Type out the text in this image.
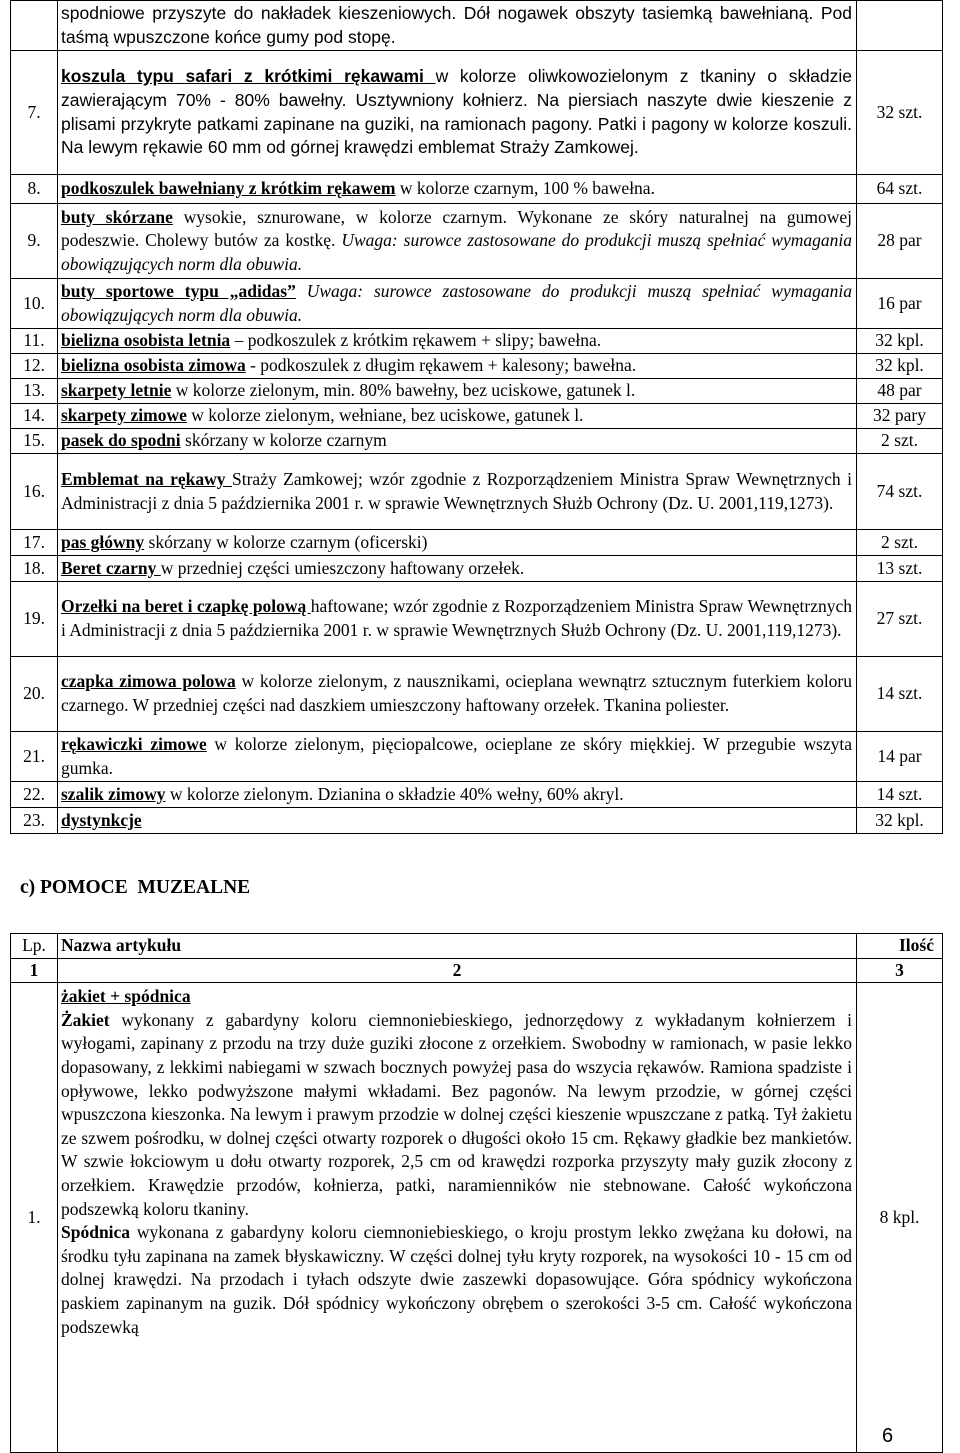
	spodniowe przyszyte do nakładek kieszeniowych. Dół nogawek obszyty tasiemką bawełnianą. Pod taśmą wpuszczone końce gumy pod stopę.	
7.	koszula typu safari z krótkimi rękawami w kolorze oliwkowozielonym z tkaniny o składzie zawierającym 70% - 80% bawełny. Usztywniony kołnierz. Na piersiach naszyte dwie kieszenie z plisami przykryte patkami zapinane na guziki, na ramionach pagony. Patki i pagony w kolorze koszuli. Na lewym rękawie 60 mm od górnej krawędzi emblemat Straży Zamkowej.	32 szt.
8.	podkoszulek bawełniany z krótkim rękawem w kolorze czarnym, 100 % bawełna.	64 szt.
9.	buty skórzane wysokie, sznurowane, w kolorze czarnym. Wykonane ze skóry naturalnej na gumowej podeszwie. Cholewy butów za kostkę. Uwaga: surowce zastosowane do produkcji muszą spełniać wymagania obowiązujących norm dla obuwia.	28 par
10.	buty sportowe typu „adidas” Uwaga: surowce zastosowane do produkcji muszą spełniać wymagania obowiązujących norm dla obuwia.	16 par
11.	bielizna osobista letnia – podkoszulek z krótkim rękawem + slipy; bawełna.	32 kpl.
12.	bielizna osobista zimowa - podkoszulek z długim rękawem + kalesony; bawełna.	32 kpl.
13.	skarpety letnie w kolorze zielonym, min. 80% bawełny, bez uciskowe, gatunek l.	48 par
14.	skarpety zimowe w kolorze zielonym, wełniane, bez uciskowe, gatunek l.	32 pary
15.	pasek do spodni skórzany w kolorze czarnym	2 szt.
16.	Emblemat na rękawy Straży Zamkowej; wzór zgodnie z Rozporządzeniem Ministra Spraw Wewnętrznych i Administracji z dnia 5 października 2001 r. w sprawie Wewnętrznych Służb Ochrony (Dz. U. 2001,119,1273).	74 szt.
17.	pas główny skórzany w kolorze czarnym (oficerski)	2 szt.
18.	Beret czarny w przedniej części umieszczony haftowany orzełek.	13 szt.
19.	Orzełki na beret i czapkę polową haftowane; wzór zgodnie z Rozporządzeniem Ministra Spraw Wewnętrznych i Administracji z dnia 5 października 2001 r. w sprawie Wewnętrznych Służb Ochrony (Dz. U. 2001,119,1273).	27 szt.
20.	czapka zimowa polowa w kolorze zielonym, z nausznikami, ocieplana wewnątrz sztucznym futerkiem koloru czarnego. W przedniej części nad daszkiem umieszczony haftowany orzełek. Tkanina poliester.	14 szt.
21.	rękawiczki zimowe w kolorze zielonym, pięciopalcowe, ocieplane ze skóry miękkiej. W przegubie wszyta gumka.	14 par
22.	szalik zimowy w kolorze zielonym. Dzianina o składzie 40% wełny, 60% akryl.	14 szt.
23.	dystynkcje	32 kpl.
c) POMOCE  MUZEALNE
Lp.	Nazwa artykułu	Ilość
1	2	3
1.	żakiet + spódnica
Żakiet wykonany z gabardyny koloru ciemnoniebieskiego, jednorzędowy z wykładanym kołnierzem i wyłogami, zapinany z przodu na trzy duże guziki złocone z orzełkiem. Swobodny w ramionach, w pasie lekko dopasowany, z lekkimi nabiegami w szwach bocznych powyżej pasa do wszycia rękawów. Ramiona spadziste i opływowe, lekko podwyższone małymi wkładami. Bez pagonów. Na lewym przodzie, w górnej części wpuszczona kieszonka. Na lewym i prawym przodzie w dolnej części kieszenie wpuszczane z patką. Tył żakietu ze szwem pośrodku, w dolnej części otwarty rozporek o długości około 15 cm. Rękawy gładkie bez mankietów. W szwie łokciowym u dołu otwarty rozporek, 2,5 cm od krawędzi rozporka przyszyty mały guzik złocony z orzełkiem. Krawędzie przodów, kołnierza, patki, naramienników nie stebnowane. Całość wykończona podszewką koloru tkaniny.
Spódnica wykonana z gabardyny koloru ciemnoniebieskiego, o kroju prostym lekko zwężana ku dołowi, na środku tyłu zapinana na zamek błyskawiczny. W części dolnej tyłu kryty rozporek, na wysokości 10 - 15 cm od dolnej krawędzi. Na przodach i tyłach odszyte dwie zaszewki dopasowujące. Góra spódnicy wykończona paskiem zapinanym na guzik. Dół spódnicy wykończony obrębem o szerokości 3-5 cm. Całość wykończona podszewką	8 kpl.
6
